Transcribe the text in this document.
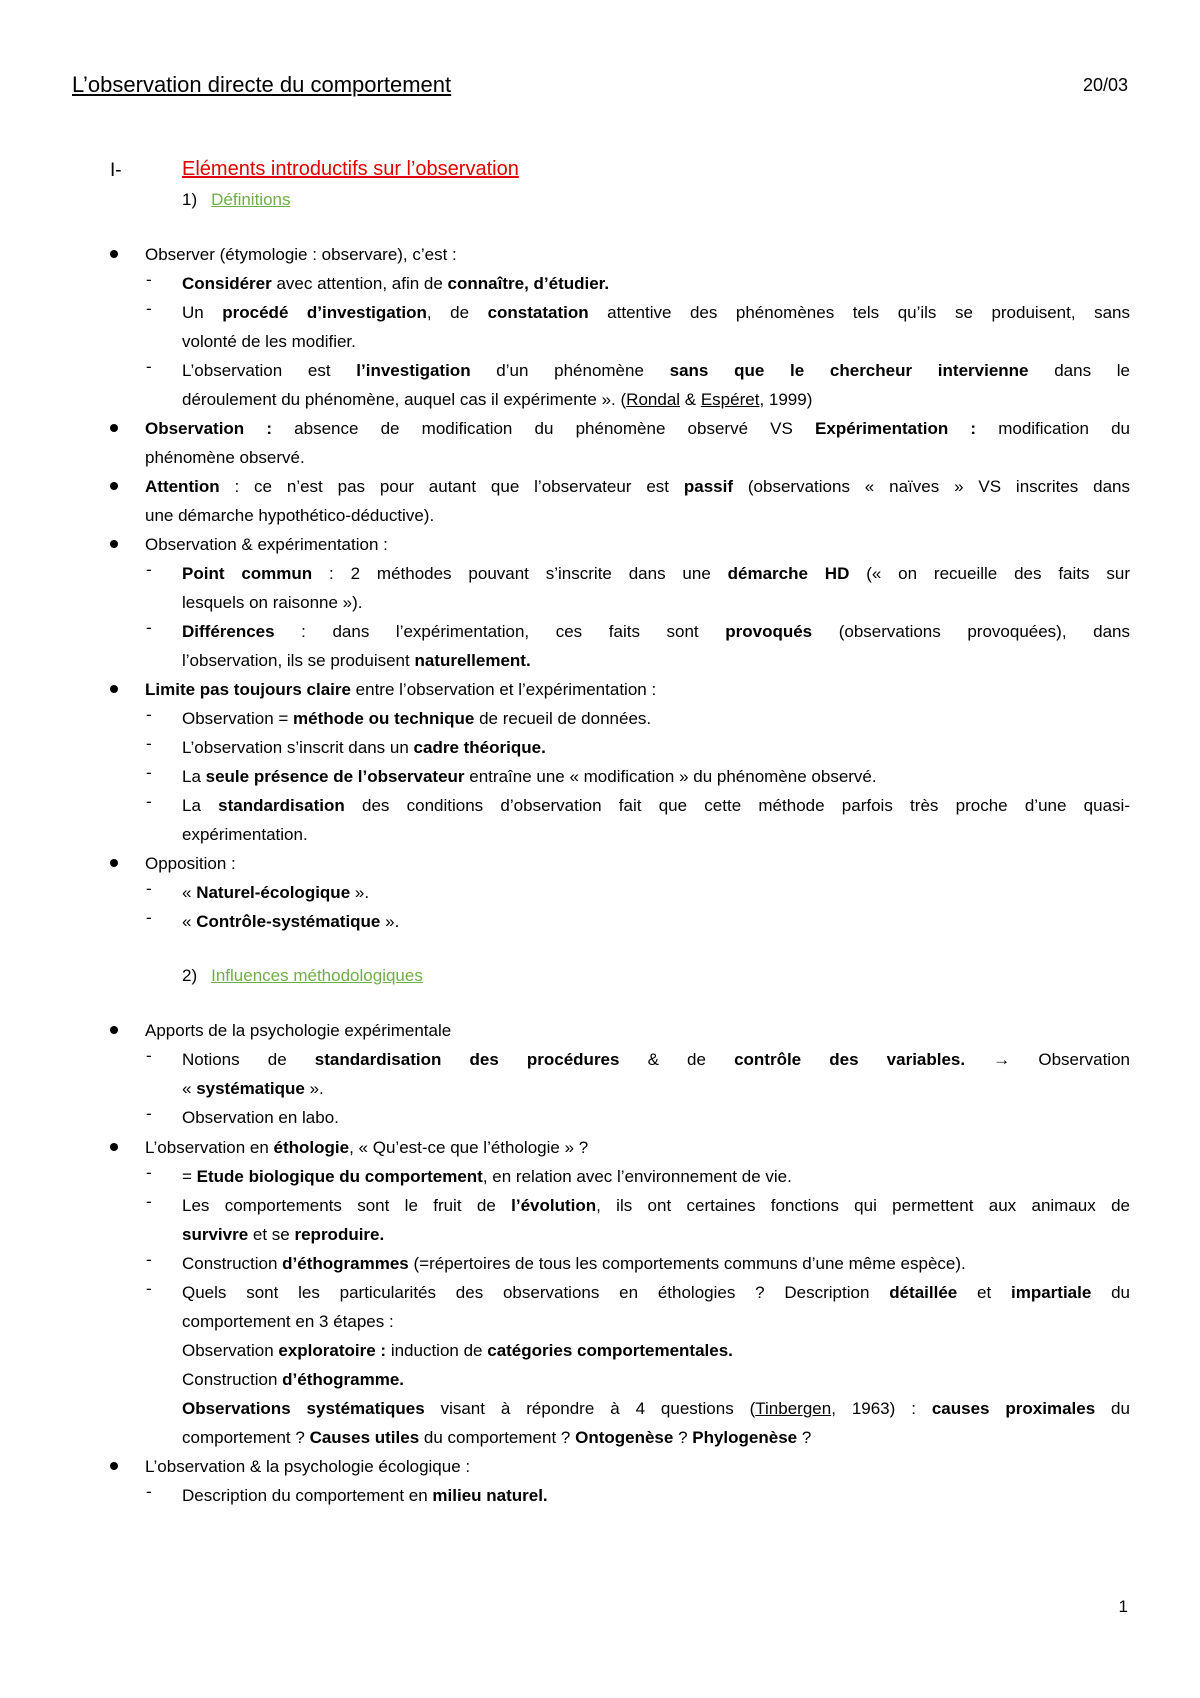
L’observation directe du comportement	20/03
I-	Eléments introductifs sur l’observation
1) Définitions
Observer (étymologie : observare), c’est :
- Considérer avec attention, afin de connaître, d’étudier.
- Un procédé d’investigation, de constatation attentive des phénomènes tels qu’ils se produisent, sans
volonté de les modifier.
- L’observation est l’investigation d’un phénomène sans que le chercheur intervienne dans le
déroulement du phénomène, auquel cas il expérimente ». (Rondal & Espéret, 1999)
Observation : absence de modification du phénomène observé VS Expérimentation : modification du
phénomène observé.
Attention : ce n’est pas pour autant que l’observateur est passif (observations « naïves » VS inscrites dans
une démarche hypothético-déductive).
Observation & expérimentation :
- Point commun : 2 méthodes pouvant s’inscrite dans une démarche HD (« on recueille des faits sur
lesquels on raisonne »).
- Différences : dans l’expérimentation, ces faits sont provoqués (observations provoquées), dans
l’observation, ils se produisent naturellement.
Limite pas toujours claire entre l’observation et l’expérimentation :
- Observation = méthode ou technique de recueil de données.
- L’observation s’inscrit dans un cadre théorique.
- La seule présence de l’observateur entraîne une « modification » du phénomène observé.
- La standardisation des conditions d’observation fait que cette méthode parfois très proche d’une quasi-
expérimentation.
Opposition :
- « Naturel-écologique ».
- « Contrôle-systématique ».
2) Influences méthodologiques
Apports de la psychologie expérimentale
- Notions de standardisation des procédures & de contrôle des variables. → Observation
« systématique ».
- Observation en labo.
L’observation en éthologie, « Qu’est-ce que l’éthologie » ?
- = Etude biologique du comportement, en relation avec l’environnement de vie.
- Les comportements sont le fruit de l’évolution, ils ont certaines fonctions qui permettent aux animaux de
survivre et se reproduire.
- Construction d’éthogrammes (=répertoires de tous les comportements communs d’une même espèce).
- Quels sont les particularités des observations en éthologies ? Description détaillée et impartiale du
comportement en 3 étapes :
Observation exploratoire : induction de catégories comportementales.
Construction d’éthogramme.
Observations systématiques visant à répondre à 4 questions (Tinbergen, 1963) : causes proximales du
comportement ? Causes utiles du comportement ? Ontogenèse ? Phylogenèse ?
L’observation & la psychologie écologique :
- Description du comportement en milieu naturel.
1
